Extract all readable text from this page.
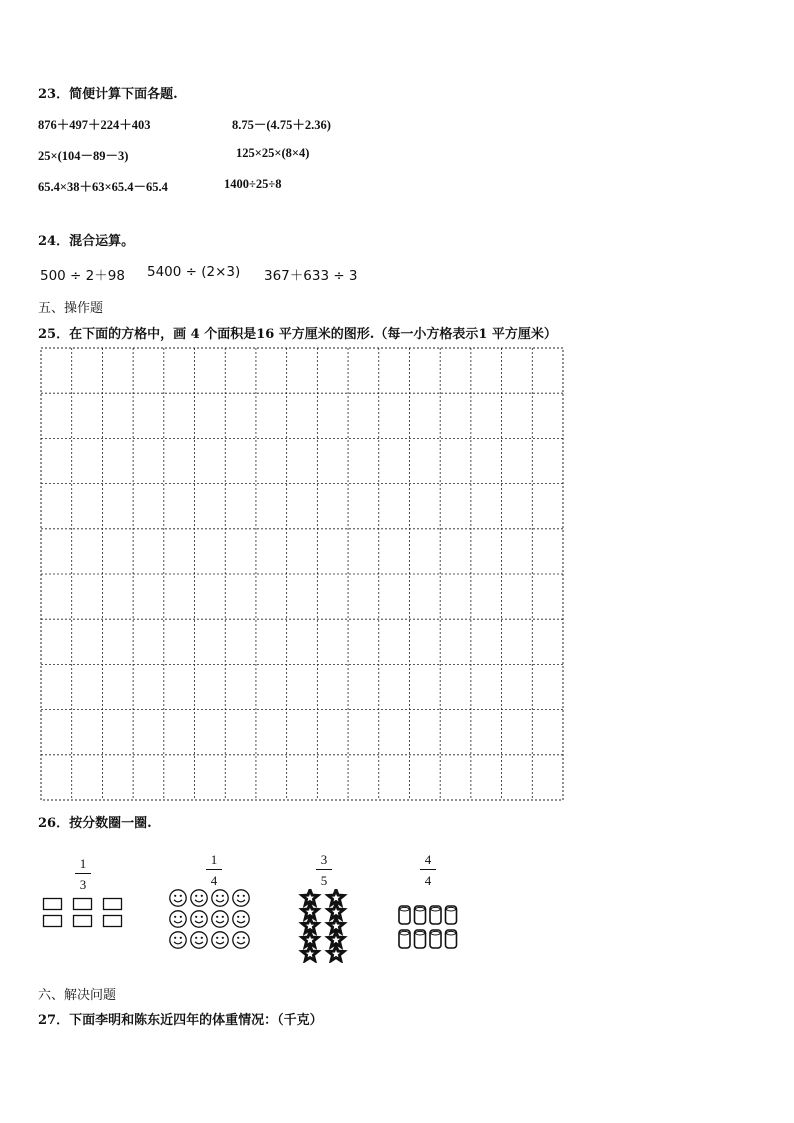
23．简便计算下面各题.
876＋497＋224＋403	8.75－(4.75＋2.36)
25×(104－89－3)	125×25×(8×4)
65.4×38＋63×65.4－65.4	1400÷25÷8
24．混合运算。
500 ÷ 2＋98 5400 ÷ (2×3) 367＋633 ÷ 3
五、操作题
25．在下面的方格中，画 4 个面积是16 平方厘米的图形.（每一小方格表示1 平方厘米）
26．按分数圈一圈.
1
3
1
4
3
5
4
4
六、解决问题
27．下面李明和陈东近四年的体重情况：（千克）
